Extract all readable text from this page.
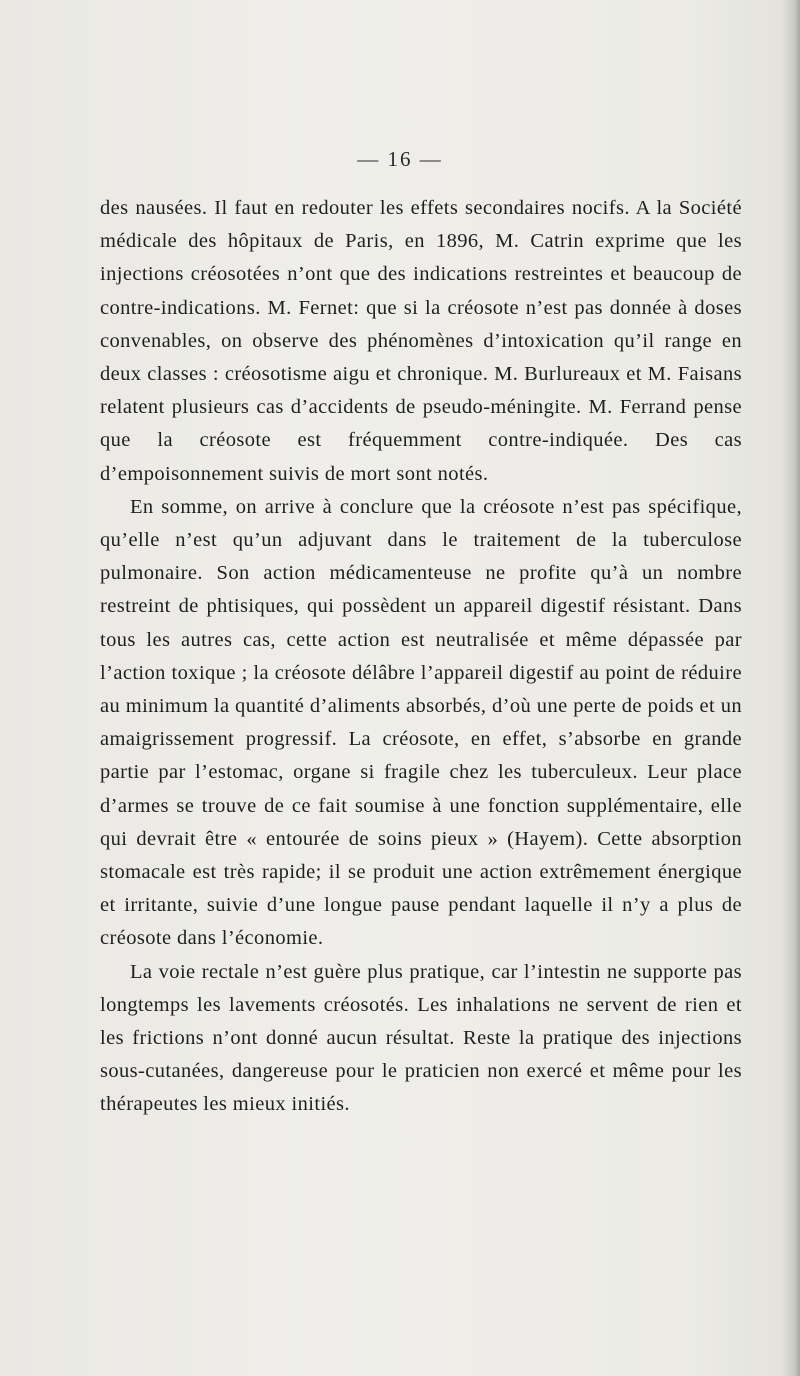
— 16 —

des nausées. Il faut en redouter les effets secondaires nocifs. A la Société médicale des hôpitaux de Paris, en 1896, M. Catrin exprime que les injections créosotées n’ont que des indications restreintes et beaucoup de contre-indications. M. Fernet: que si la créosote n’est pas donnée à doses convenables, on observe des phénomènes d’intoxication qu’il range en deux classes : créosotisme aigu et chronique. M. Burlureaux et M. Faisans relatent plusieurs cas d’accidents de pseudo-méningite. M. Ferrand pense que la créosote est fréquemment contre-indiquée. Des cas d’empoisonnement suivis de mort sont notés.

En somme, on arrive à conclure que la créosote n’est pas spécifique, qu’elle n’est qu’un adjuvant dans le traitement de la tuberculose pulmonaire. Son action médicamenteuse ne profite qu’à un nombre restreint de phtisiques, qui possèdent un appareil digestif résistant. Dans tous les autres cas, cette action est neutralisée et même dépassée par l’action toxique ; la créosote délâbre l’appareil digestif au point de réduire au minimum la quantité d’aliments absorbés, d’où une perte de poids et un amaigrissement progressif. La créosote, en effet, s’absorbe en grande partie par l’estomac, organe si fragile chez les tuberculeux. Leur place d’armes se trouve de ce fait soumise à une fonction supplémentaire, elle qui devrait être « entourée de soins pieux » (Hayem). Cette absorption stomacale est très rapide; il se produit une action extrêmement énergique et irritante, suivie d’une longue pause pendant laquelle il n’y a plus de créosote dans l’économie.

La voie rectale n’est guère plus pratique, car l’intestin ne supporte pas longtemps les lavements créosotés. Les inhalations ne servent de rien et les frictions n’ont donné aucun résultat. Reste la pratique des injections sous-cutanées, dangereuse pour le praticien non exercé et même pour les thérapeutes les mieux initiés.
